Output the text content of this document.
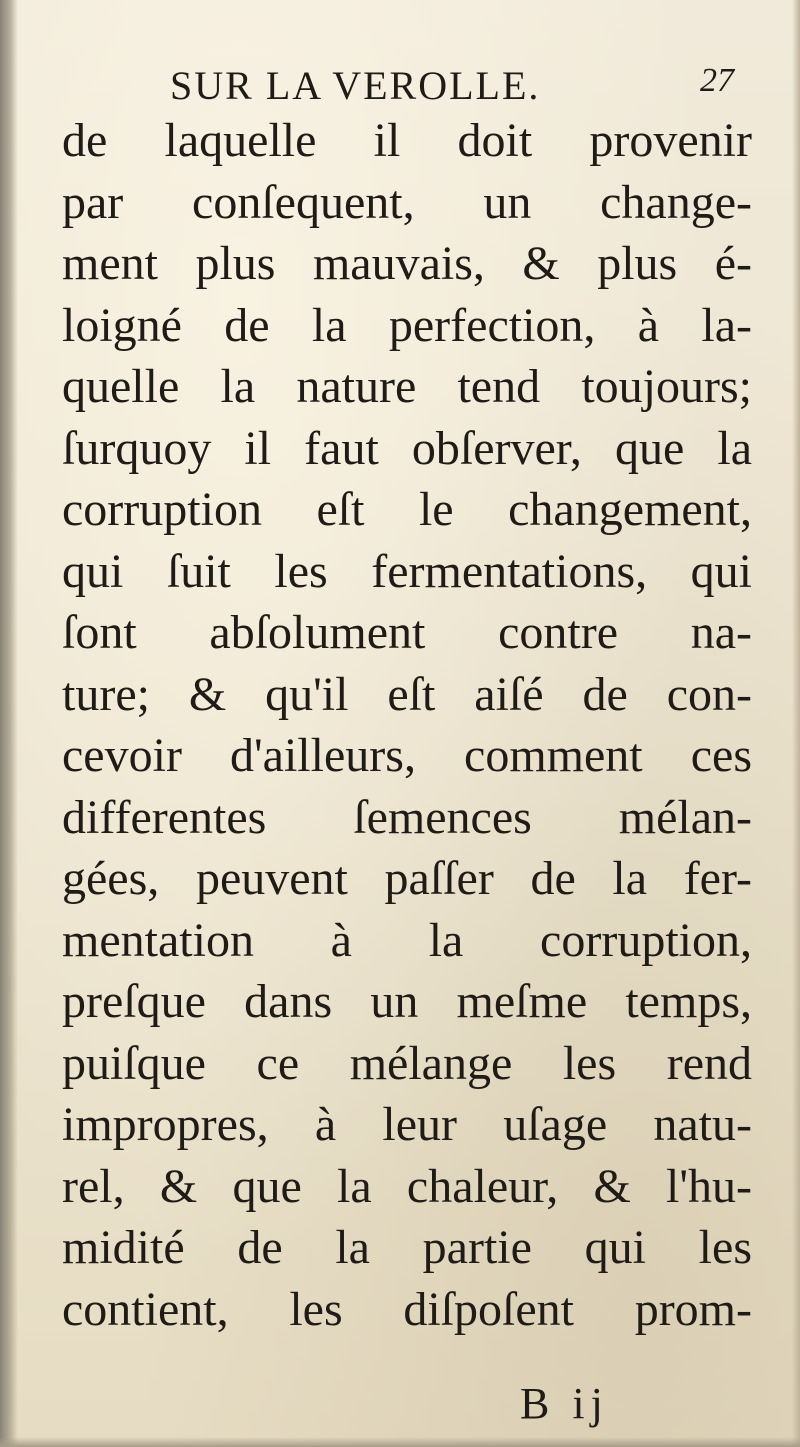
SUR LA VEROLLE.	27
de laquelle il doit provenir
par conſequent, un change-
ment plus mauvais, & plus é-
loigné de la perfection, à la-
quelle la nature tend toujours;
ſurquoy il faut obſerver, que la
corruption eſt le changement,
qui ſuit les fermentations, qui
ſont abſolument contre na-
ture; & qu'il eſt aiſé de con-
cevoir d'ailleurs, comment ces
differentes ſemences mélan-
gées, peuvent paſſer de la fer-
mentation à la corruption,
preſque dans un meſme temps,
puiſque ce mélange les rend
impropres, à leur uſage natu-
rel, & que la chaleur, & l'hu-
midité de la partie qui les
contient, les diſpoſent prom-
B ij
